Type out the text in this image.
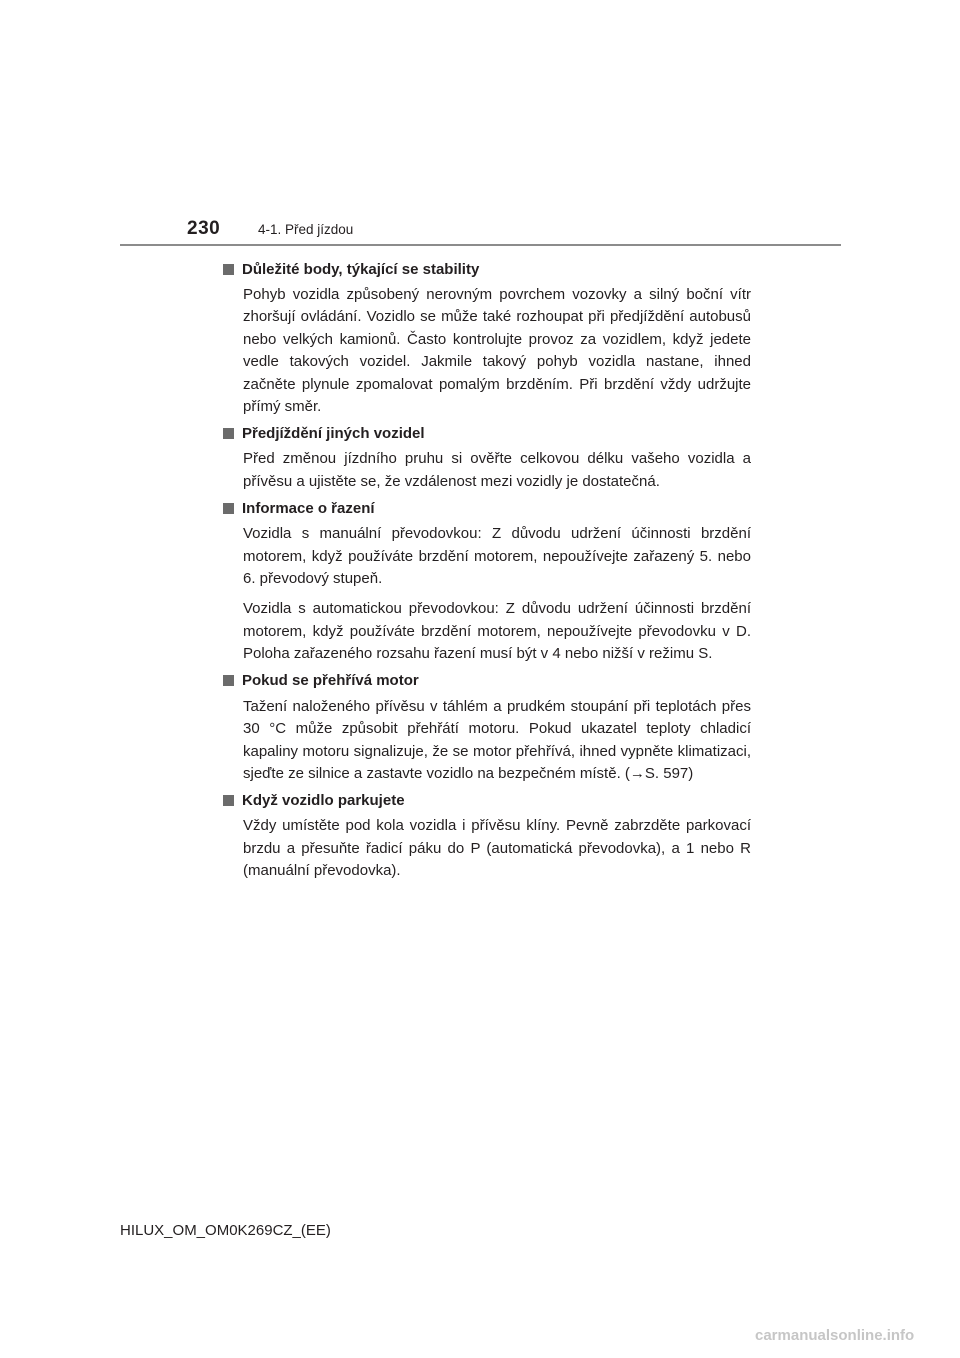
230	4-1. Před jízdou
Důležité body, týkající se stability

Pohyb vozidla způsobený nerovným povrchem vozovky a silný boční vítr zhoršují ovládání. Vozidlo se může také rozhoupat při předjíždění autobusů nebo velkých kamionů. Často kontrolujte provoz za vozidlem, když jedete vedle takových vozidel. Jakmile takový pohyb vozidla nastane, ihned začněte plynule zpomalovat pomalým brzděním. Při brzdění vždy udržujte přímý směr.

Předjíždění jiných vozidel

Před změnou jízdního pruhu si ověřte celkovou délku vašeho vozidla a přívěsu a ujistěte se, že vzdálenost mezi vozidly je dostatečná.

Informace o řazení

Vozidla s manuální převodovkou: Z důvodu udržení účinnosti brzdění motorem, když používáte brzdění motorem, nepoužívejte zařazený 5. nebo 6. převodový stupeň.

Vozidla s automatickou převodovkou: Z důvodu udržení účinnosti brzdění motorem, když používáte brzdění motorem, nepoužívejte převodovku v D. Poloha zařazeného rozsahu řazení musí být v 4 nebo nižší v režimu S.

Pokud se přehřívá motor

Tažení naloženého přívěsu v táhlém a prudkém stoupání při teplotách přes 30 °C může způsobit přehřátí motoru. Pokud ukazatel teploty chladicí kapaliny motoru signalizuje, že se motor přehřívá, ihned vypněte klimatizaci, sjeďte ze silnice a zastavte vozidlo na bezpečném místě. (→S. 597)

Když vozidlo parkujete

Vždy umístěte pod kola vozidla i přívěsu klíny. Pevně zabrzděte parkovací brzdu a přesuňte řadicí páku do P (automatická převodovka), a 1 nebo R (manuální převodovka).

HILUX_OM_OM0K269CZ_(EE)
carmanualsonline.info
